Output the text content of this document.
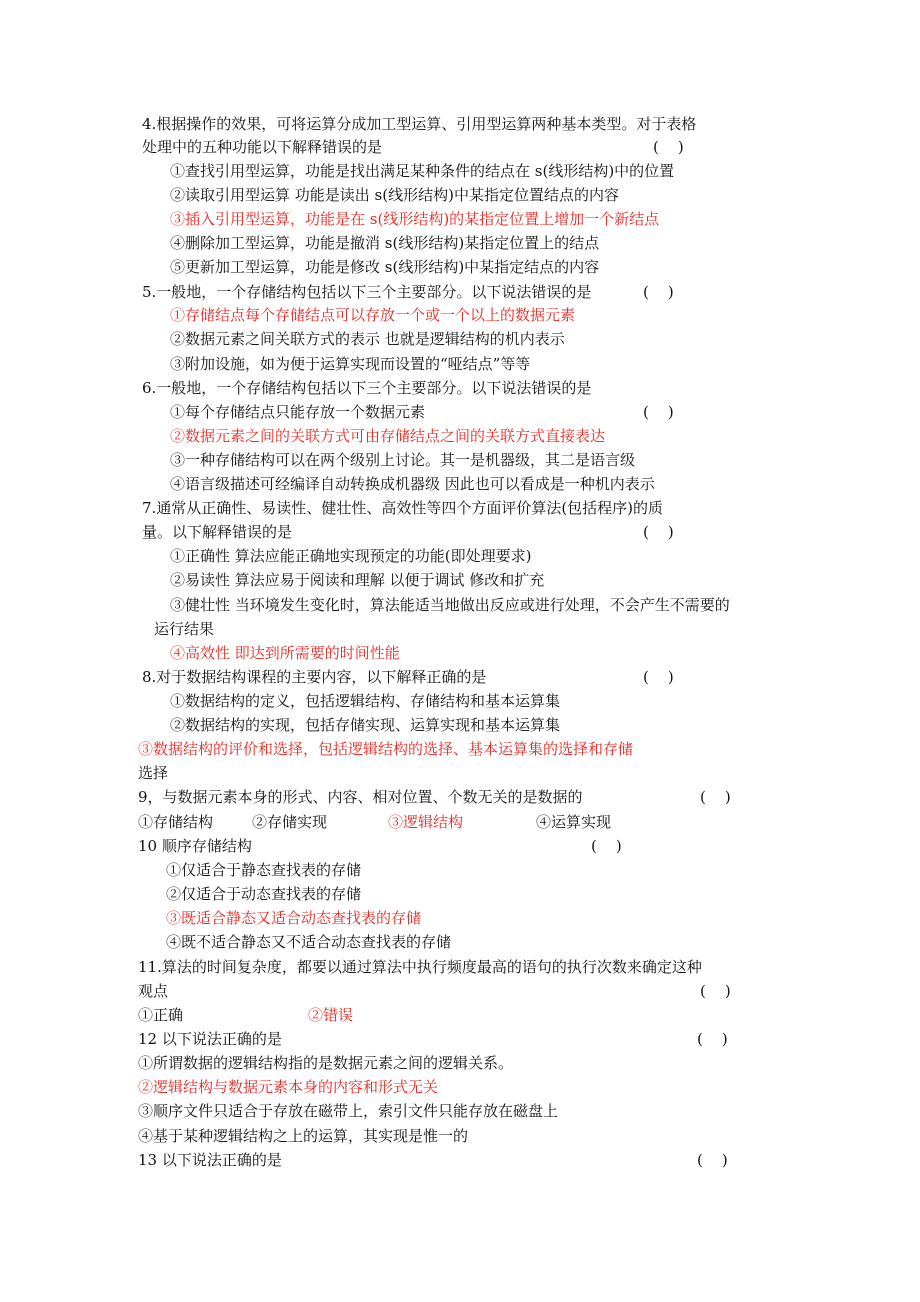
4.根据操作的效果，可将运算分成加工型运算、引用型运算两种基本类型。对于表格
处理中的五种功能以下解释错误的是	(    )
①查找引用型运算，功能是找出满足某种条件的结点在 s(线形结构)中的位置
②读取引用型运算 功能是读出 s(线形结构)中某指定位置结点的内容
③插入引用型运算，功能是在 s(线形结构)的某指定位置上增加一个新结点
④删除加工型运算，功能是撤消 s(线形结构)某指定位置上的结点
⑤更新加工型运算，功能是修改 s(线形结构)中某指定结点的内容
5.一般地，一个存储结构包括以下三个主要部分。以下说法错误的是	(    )
①存储结点每个存储结点可以存放一个或一个以上的数据元素
②数据元素之间关联方式的表示 也就是逻辑结构的机内表示
③附加设施，如为便于运算实现而设置的“哑结点”等等
6.一般地，一个存储结构包括以下三个主要部分。以下说法错误的是
①每个存储结点只能存放一个数据元素	(    )
②数据元素之间的关联方式可由存储结点之间的关联方式直接表达
③一种存储结构可以在两个级别上讨论。其一是机器级，其二是语言级
④语言级描述可经编译自动转换成机器级 因此也可以看成是一种机内表示
7.通常从正确性、易读性、健壮性、高效性等四个方面评价算法(包括程序)的质
量。以下解释错误的是	(    )
①正确性 算法应能正确地实现预定的功能(即处理要求)
②易读性 算法应易于阅读和理解 以便于调试 修改和扩充
③健壮性 当环境发生变化时，算法能适当地做出反应或进行处理，不会产生不需要的
运行结果
④高效性 即达到所需要的时间性能
8.对于数据结构课程的主要内容，以下解释正确的是	(    )
①数据结构的定义，包括逻辑结构、存储结构和基本运算集
②数据结构的实现，包括存储实现、运算实现和基本运算集
③数据结构的评价和选择，包括逻辑结构的选择、基本运算集的选择和存储
选择
9，与数据元素本身的形式、内容、相对位置、个数无关的是数据的	(    )
①存储结构	②存储实现	③逻辑结构	④运算实现
10 顺序存储结构	(    )
①仅适合于静态查找表的存储
②仅适合于动态查找表的存储
③既适合静态又适合动态查找表的存储
④既不适合静态又不适合动态查找表的存储
11.算法的时间复杂度，都要以通过算法中执行频度最高的语句的执行次数来确定这种
观点	(    )
①正确	②错误
12 以下说法正确的是	(    )
①所谓数据的逻辑结构指的是数据元素之间的逻辑关系。
②逻辑结构与数据元素本身的内容和形式无关
③顺序文件只适合于存放在磁带上，索引文件只能存放在磁盘上
④基于某种逻辑结构之上的运算，其实现是惟一的
13 以下说法正确的是	(    )
